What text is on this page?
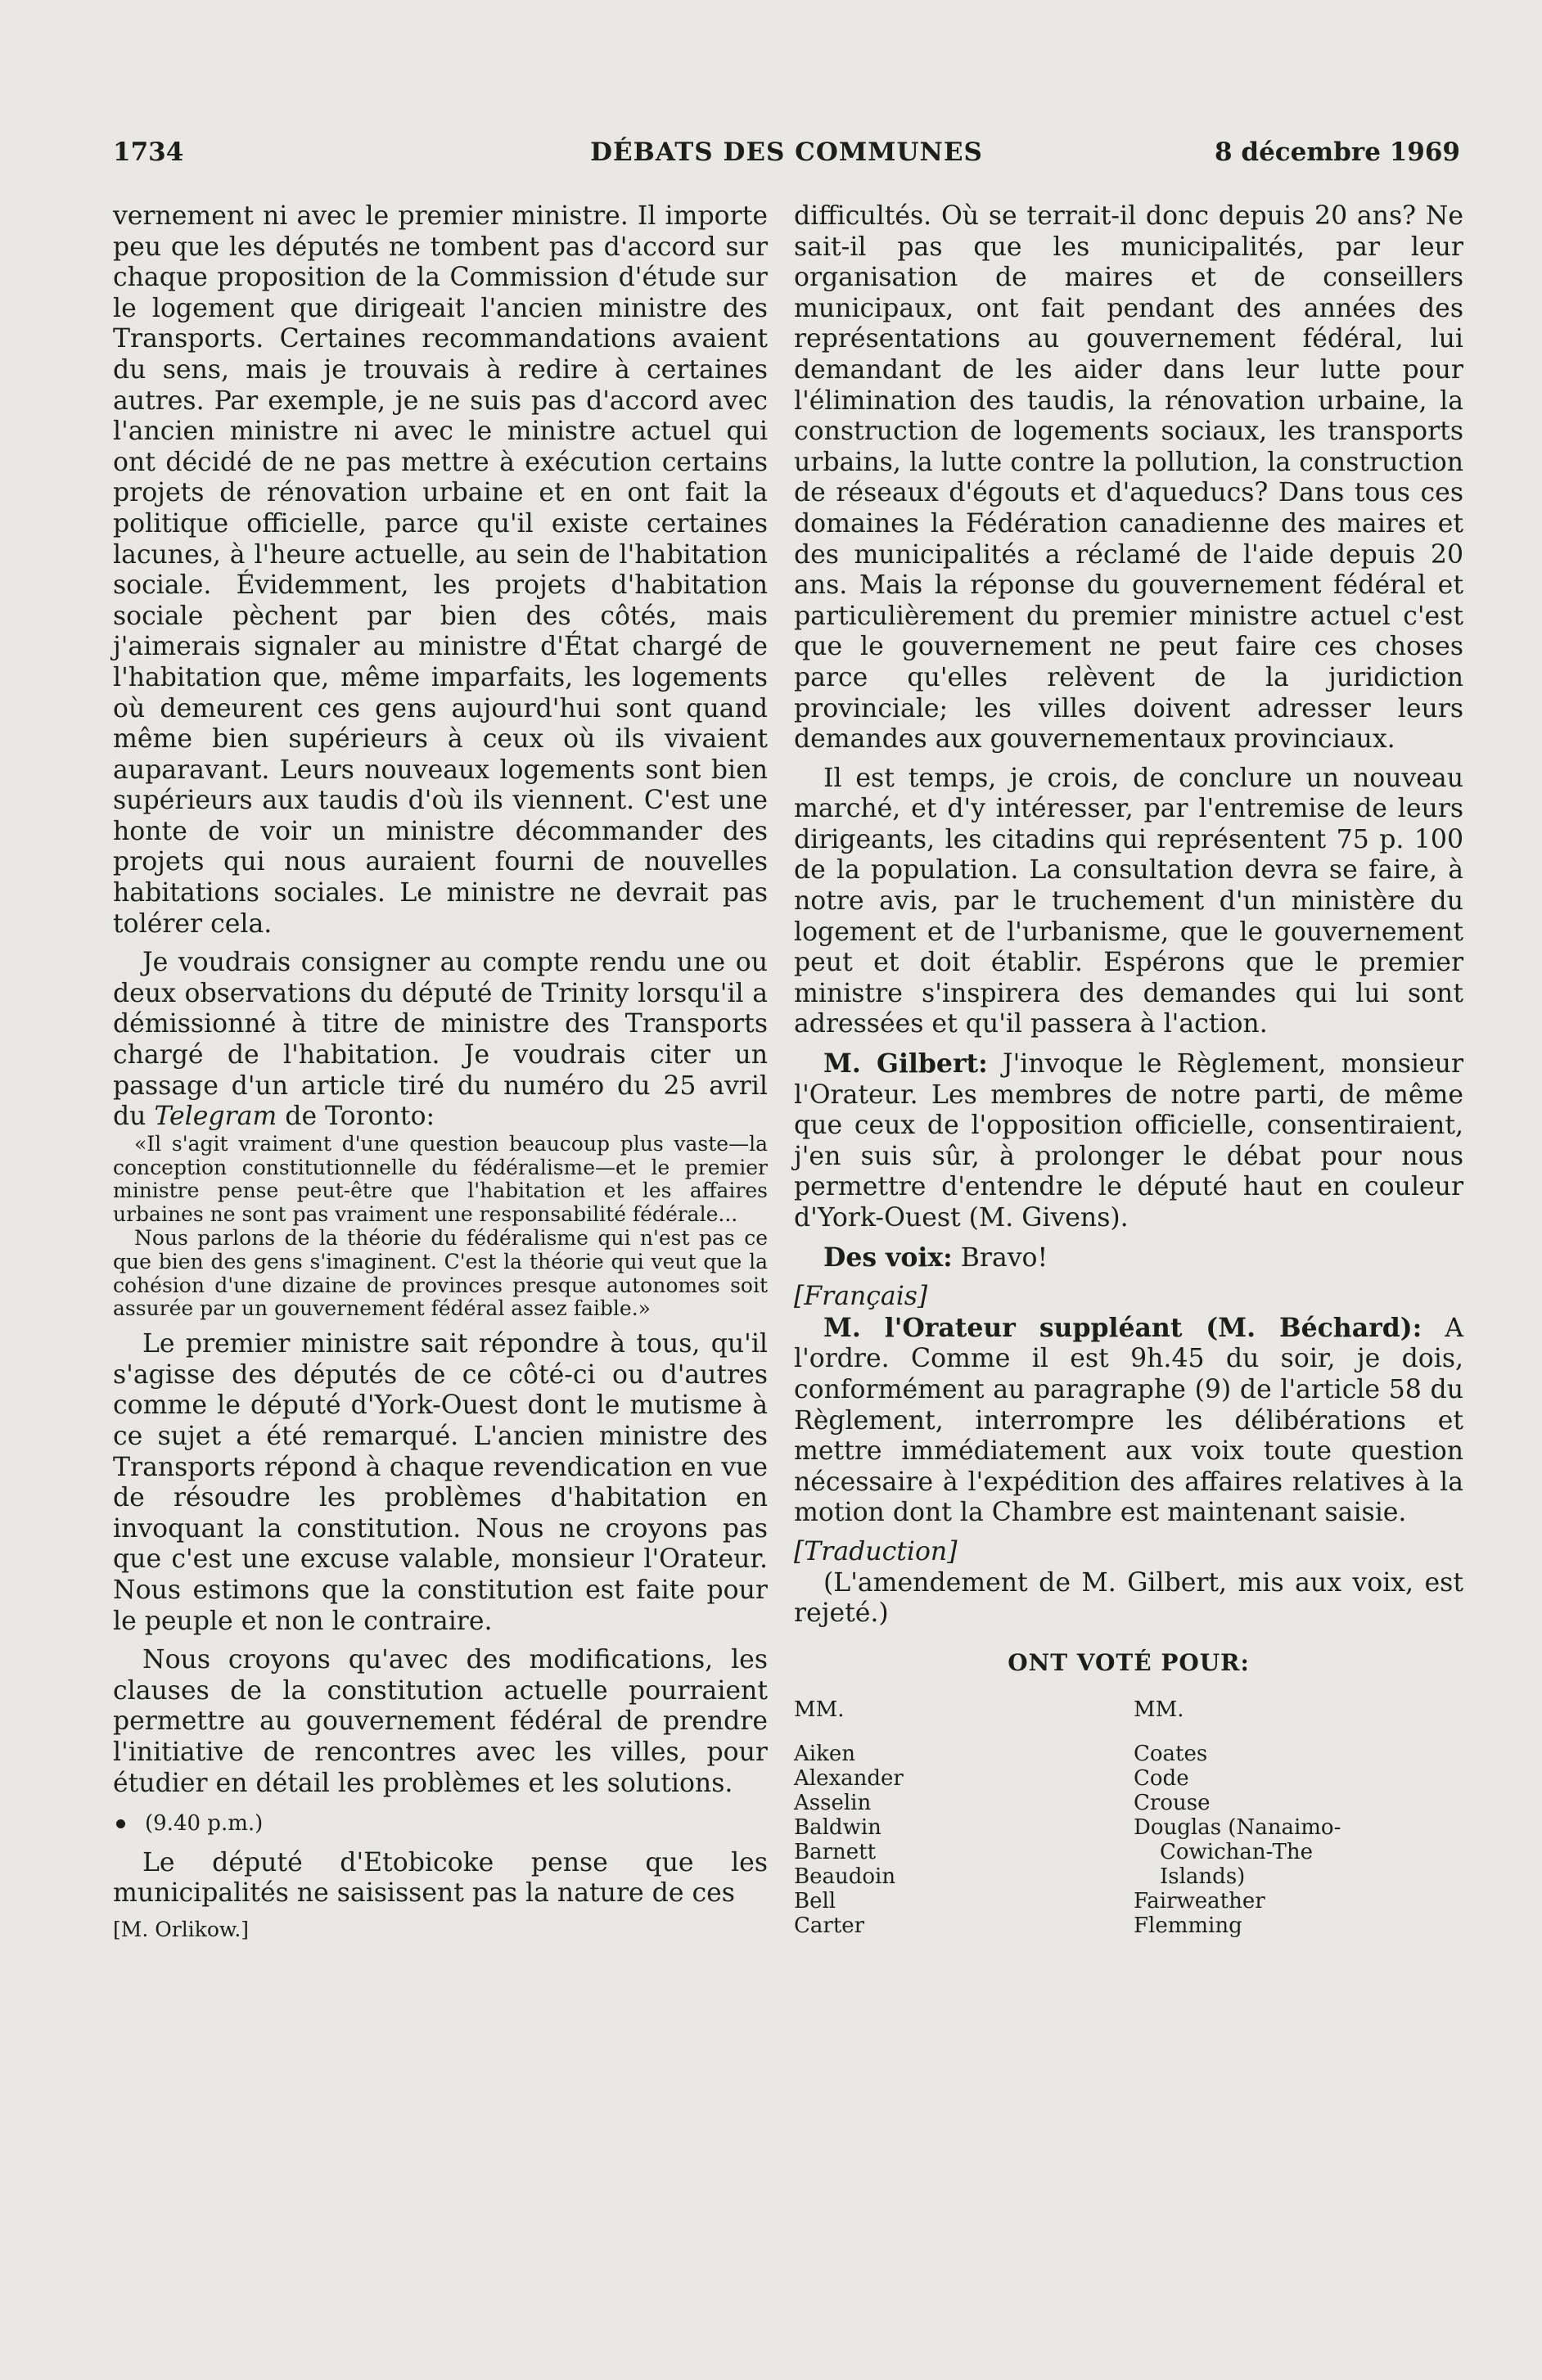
1734	DÉBATS DES COMMUNES	8 décembre 1969

vernement ni avec le premier ministre. Il importe peu que les députés ne tombent pas d'accord sur chaque proposition de la Commission d'étude sur le logement que dirigeait l'ancien ministre des Transports. Certaines recommandations avaient du sens, mais je trouvais à redire à certaines autres. Par exemple, je ne suis pas d'accord avec l'ancien ministre ni avec le ministre actuel qui ont décidé de ne pas mettre à exécution certains projets de rénovation urbaine et en ont fait la politique officielle, parce qu'il existe certaines lacunes, à l'heure actuelle, au sein de l'habitation sociale. Évidemment, les projets d'habitation sociale pèchent par bien des côtés, mais j'aimerais signaler au ministre d'État chargé de l'habitation que, même imparfaits, les logements où demeurent ces gens aujourd'hui sont quand même bien supérieurs à ceux où ils vivaient auparavant. Leurs nouveaux logements sont bien supérieurs aux taudis d'où ils viennent. C'est une honte de voir un ministre décommander des projets qui nous auraient fourni de nouvelles habitations sociales. Le ministre ne devrait pas tolérer cela.

Je voudrais consigner au compte rendu une ou deux observations du député de Trinity lorsqu'il a démissionné à titre de ministre des Transports chargé de l'habitation. Je voudrais citer un passage d'un article tiré du numéro du 25 avril du Telegram de Toronto:

«Il s'agit vraiment d'une question beaucoup plus vaste—la conception constitutionnelle du fédéralisme—et le premier ministre pense peut-être que l'habitation et les affaires urbaines ne sont pas vraiment une responsabilité fédérale...

Nous parlons de la théorie du fédéralisme qui n'est pas ce que bien des gens s'imaginent. C'est la théorie qui veut que la cohésion d'une dizaine de provinces presque autonomes soit assurée par un gouvernement fédéral assez faible.»

Le premier ministre sait répondre à tous, qu'il s'agisse des députés de ce côté-ci ou d'autres comme le député d'York-Ouest dont le mutisme à ce sujet a été remarqué. L'ancien ministre des Transports répond à chaque revendication en vue de résoudre les problèmes d'habitation en invoquant la constitution. Nous ne croyons pas que c'est une excuse valable, monsieur l'Orateur. Nous estimons que la constitution est faite pour le peuple et non le contraire.

Nous croyons qu'avec des modifications, les clauses de la constitution actuelle pourraient permettre au gouvernement fédéral de prendre l'initiative de rencontres avec les villes, pour étudier en détail les problèmes et les solutions.

(9.40 p.m.)

Le député d'Etobicoke pense que les municipalités ne saisissent pas la nature de ces

[M. Orlikow.]

difficultés. Où se terrait-il donc depuis 20 ans? Ne sait-il pas que les municipalités, par leur organisation de maires et de conseillers municipaux, ont fait pendant des années des représentations au gouvernement fédéral, lui demandant de les aider dans leur lutte pour l'élimination des taudis, la rénovation urbaine, la construction de logements sociaux, les transports urbains, la lutte contre la pollution, la construction de réseaux d'égouts et d'aqueducs? Dans tous ces domaines la Fédération canadienne des maires et des municipalités a réclamé de l'aide depuis 20 ans. Mais la réponse du gouvernement fédéral et particulièrement du premier ministre actuel c'est que le gouvernement ne peut faire ces choses parce qu'elles relèvent de la juridiction provinciale; les villes doivent adresser leurs demandes aux gouvernementaux provinciaux.

Il est temps, je crois, de conclure un nouveau marché, et d'y intéresser, par l'entremise de leurs dirigeants, les citadins qui représentent 75 p. 100 de la population. La consultation devra se faire, à notre avis, par le truchement d'un ministère du logement et de l'urbanisme, que le gouvernement peut et doit établir. Espérons que le premier ministre s'inspirera des demandes qui lui sont adressées et qu'il passera à l'action.

M. Gilbert: J'invoque le Règlement, monsieur l'Orateur. Les membres de notre parti, de même que ceux de l'opposition officielle, consentiraient, j'en suis sûr, à prolonger le débat pour nous permettre d'entendre le député haut en couleur d'York-Ouest (M. Givens).

Des voix: Bravo!

[Français]

M. l'Orateur suppléant (M. Béchard): A l'ordre. Comme il est 9h.45 du soir, je dois, conformément au paragraphe (9) de l'article 58 du Règlement, interrompre les délibérations et mettre immédiatement aux voix toute question nécessaire à l'expédition des affaires relatives à la motion dont la Chambre est maintenant saisie.

[Traduction]

(L'amendement de M. Gilbert, mis aux voix, est rejeté.)

ONT VOTÉ POUR:
MM.
Aiken
Alexander
Asselin
Baldwin
Barnett
Beaudoin
Bell
Carter
MM.
Coates
Code
Crouse
Douglas (Nanaimo-
Cowichan-The
Islands)
Fairweather
Flemming
